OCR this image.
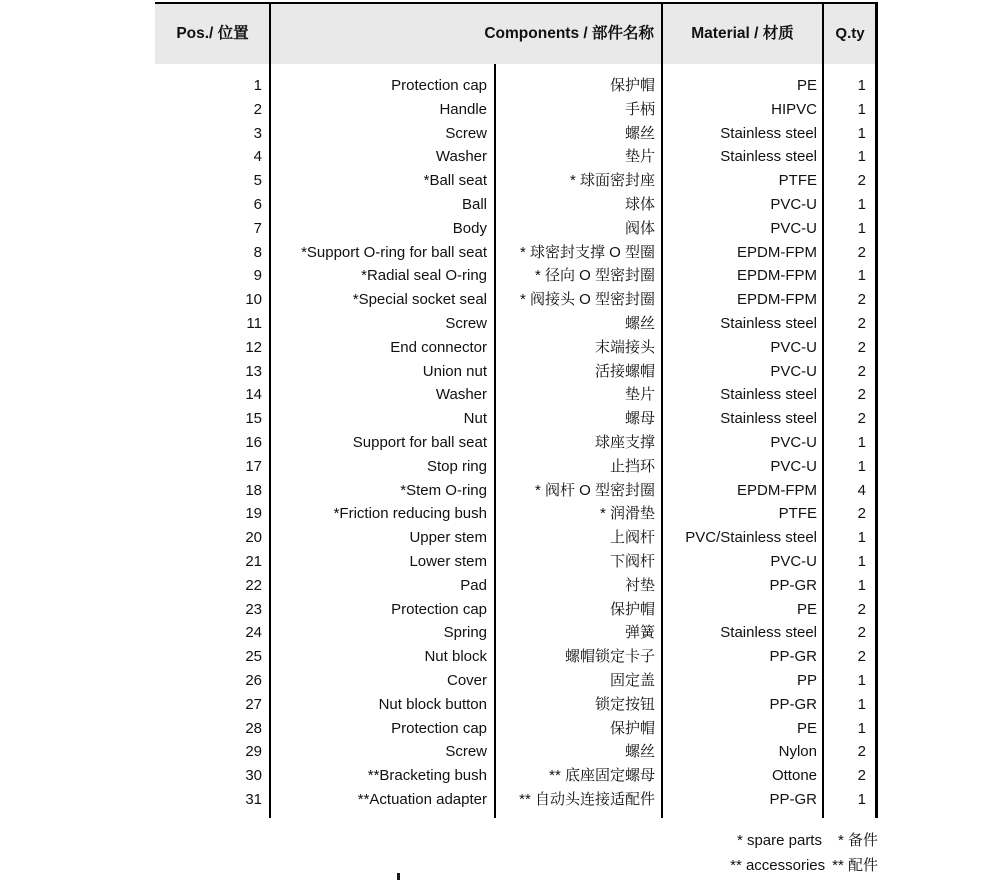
Pos./ 位置	Components / 部件名称	Material / 材质	Q.ty
1	Protection cap	保护帽	PE	1
2	Handle	手柄	HIPVC	1
3	Screw	螺丝	Stainless steel	1
4	Washer	垫片	Stainless steel	1
5	*Ball seat	* 球面密封座	PTFE	2
6	Ball	球体	PVC-U	1
7	Body	阀体	PVC-U	1
8	*Support O-ring for ball seat	* 球密封支撑 O 型圈	EPDM-FPM	2
9	*Radial seal O-ring	* 径向 O 型密封圈	EPDM-FPM	1
10	*Special socket seal	* 阀接头 O 型密封圈	EPDM-FPM	2
11	Screw	螺丝	Stainless steel	2
12	End connector	末端接头	PVC-U	2
13	Union nut	活接螺帽	PVC-U	2
14	Washer	垫片	Stainless steel	2
15	Nut	螺母	Stainless steel	2
16	Support for ball seat	球座支撑	PVC-U	1
17	Stop ring	止挡环	PVC-U	1
18	*Stem O-ring	* 阀杆 O 型密封圈	EPDM-FPM	4
19	*Friction reducing bush	* 润滑垫	PTFE	2
20	Upper stem	上阀杆	PVC/Stainless steel	1
21	Lower stem	下阀杆	PVC-U	1
22	Pad	衬垫	PP-GR	1
23	Protection cap	保护帽	PE	2
24	Spring	弹簧	Stainless steel	2
25	Nut block	螺帽锁定卡子	PP-GR	2
26	Cover	固定盖	PP	1
27	Nut block button	锁定按钮	PP-GR	1
28	Protection cap	保护帽	PE	1
29	Screw	螺丝	Nylon	2
30	**Bracketing bush	** 底座固定螺母	Ottone	2
31	**Actuation adapter	** 自动头连接适配件	PP-GR	1
* spare parts * 备件
** accessories ** 配件
